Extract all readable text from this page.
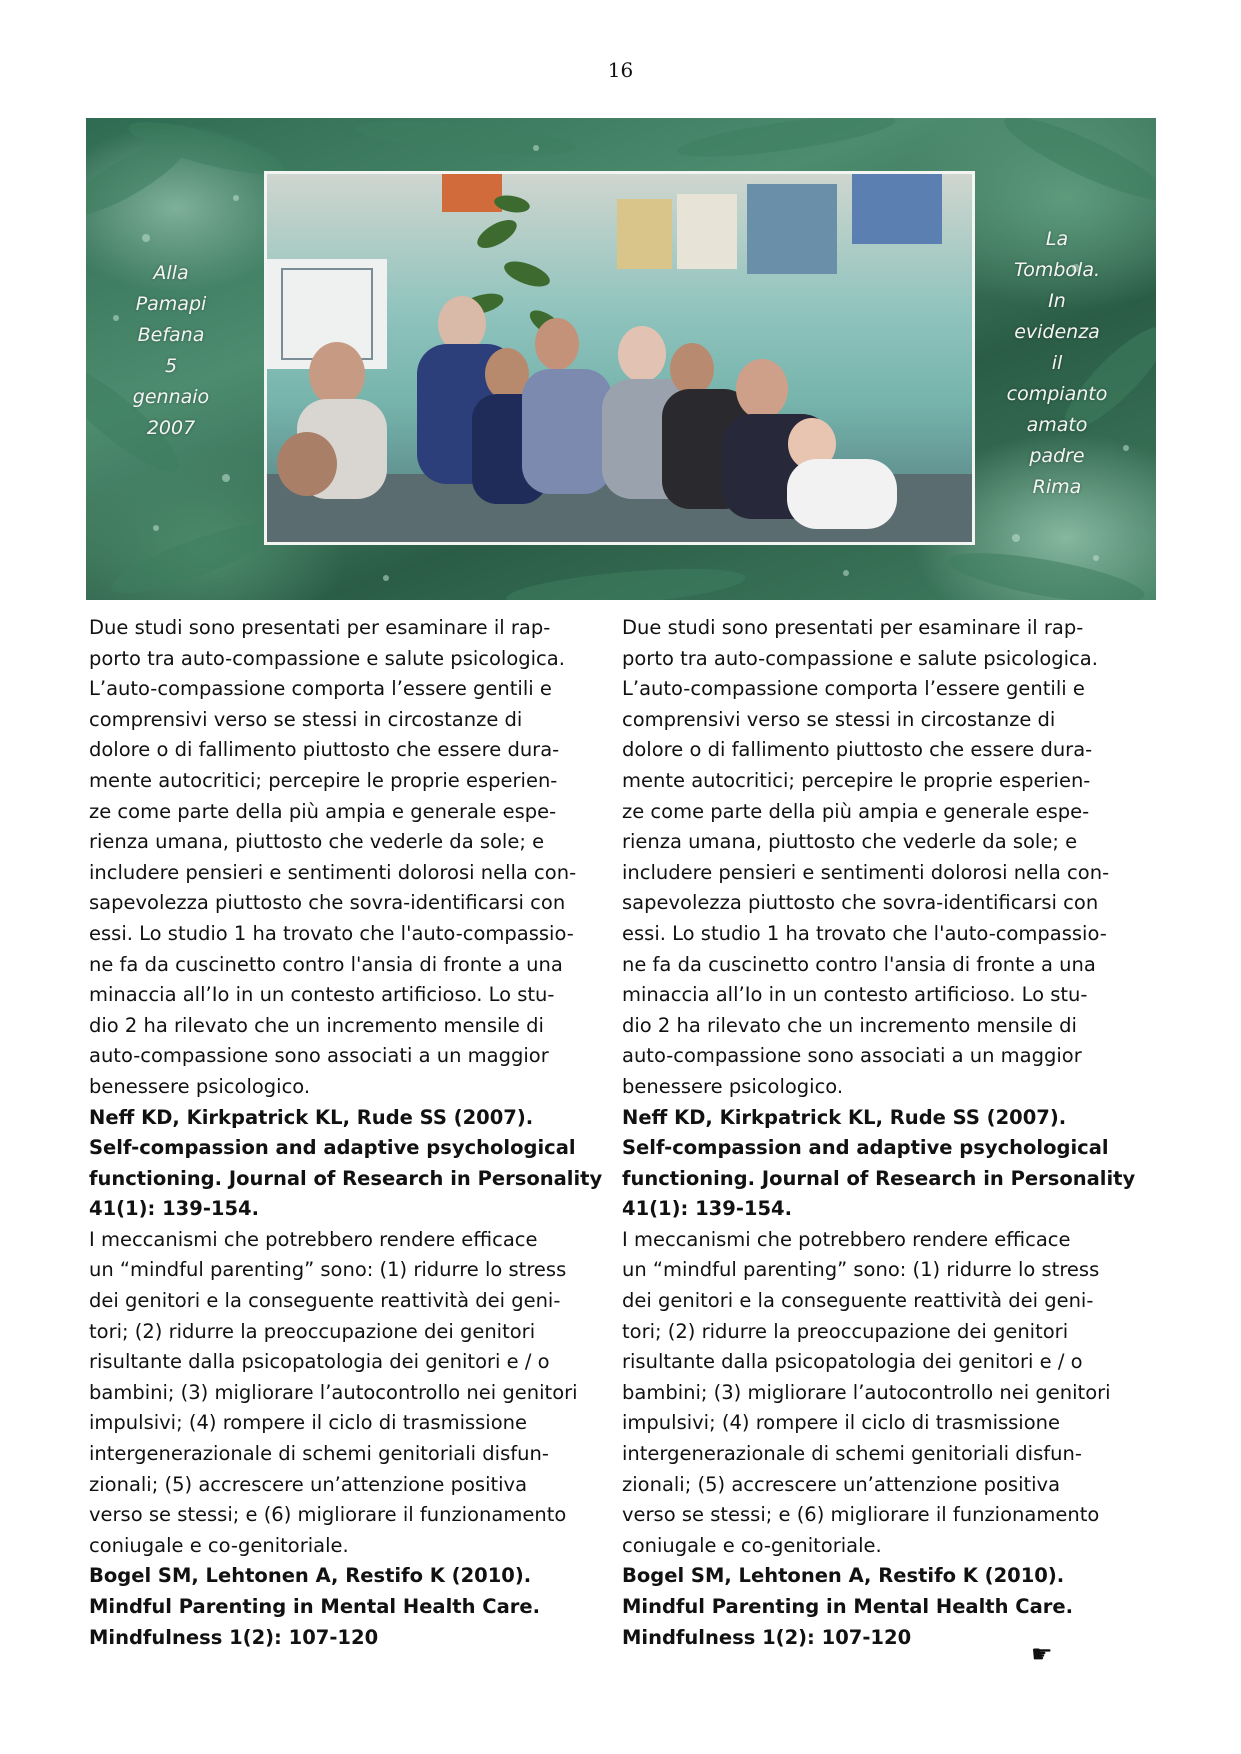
16
Alla
Pamapi
Befana
5
gennaio
2007
La
Tombola.
In
evidenza
il
compianto
amato
padre
Rima

Due studi sono presentati per esaminare il rap-

porto tra auto-compassione e salute psicologica.

L’auto-compassione comporta l’essere gentili e

comprensivi verso se stessi in circostanze di

dolore o di fallimento piuttosto che essere dura-

mente autocritici; percepire le proprie esperien-

ze come parte della più ampia e generale espe-

rienza umana, piuttosto che vederle da sole; e

includere pensieri e sentimenti dolorosi nella con-

sapevolezza piuttosto che sovra-identificarsi con

essi. Lo studio 1 ha trovato che l'auto-compassio-

ne fa da cuscinetto contro l'ansia di fronte a una

minaccia all’Io in un contesto artificioso. Lo stu-

dio 2 ha rilevato che un incremento mensile di

auto-compassione sono associati a un maggior

benessere psicologico.

Neff KD, Kirkpatrick KL, Rude SS (2007).

Self-compassion and adaptive psychological

functioning. Journal of Research in Personality

41(1): 139-154.

I meccanismi che potrebbero rendere efficace

un “mindful parenting” sono: (1) ridurre lo stress

dei genitori e la conseguente reattività dei geni-

tori; (2) ridurre la preoccupazione dei genitori

risultante dalla psicopatologia dei genitori e / o

bambini; (3) migliorare l’autocontrollo nei genitori

impulsivi; (4) rompere il ciclo di trasmissione

intergenerazionale di schemi genitoriali disfun-

zionali; (5) accrescere un’attenzione positiva

verso se stessi; e (6) migliorare il funzionamento

coniugale e co-genitoriale.

Bogel SM, Lehtonen A, Restifo K (2010).

Mindful Parenting in Mental Health Care.

Mindfulness 1(2): 107-120

Due studi sono presentati per esaminare il rap-

porto tra auto-compassione e salute psicologica.

L’auto-compassione comporta l’essere gentili e

comprensivi verso se stessi in circostanze di

dolore o di fallimento piuttosto che essere dura-

mente autocritici; percepire le proprie esperien-

ze come parte della più ampia e generale espe-

rienza umana, piuttosto che vederle da sole; e

includere pensieri e sentimenti dolorosi nella con-

sapevolezza piuttosto che sovra-identificarsi con

essi. Lo studio 1 ha trovato che l'auto-compassio-

ne fa da cuscinetto contro l'ansia di fronte a una

minaccia all’Io in un contesto artificioso. Lo stu-

dio 2 ha rilevato che un incremento mensile di

auto-compassione sono associati a un maggior

benessere psicologico.

Neff KD, Kirkpatrick KL, Rude SS (2007).

Self-compassion and adaptive psychological

functioning. Journal of Research in Personality

41(1): 139-154.

I meccanismi che potrebbero rendere efficace

un “mindful parenting” sono: (1) ridurre lo stress

dei genitori e la conseguente reattività dei geni-

tori; (2) ridurre la preoccupazione dei genitori

risultante dalla psicopatologia dei genitori e / o

bambini; (3) migliorare l’autocontrollo nei genitori

impulsivi; (4) rompere il ciclo di trasmissione

intergenerazionale di schemi genitoriali disfun-

zionali; (5) accrescere un’attenzione positiva

verso se stessi; e (6) migliorare il funzionamento

coniugale e co-genitoriale.

Bogel SM, Lehtonen A, Restifo K (2010).

Mindful Parenting in Mental Health Care.

Mindfulness 1(2): 107-120

☛
